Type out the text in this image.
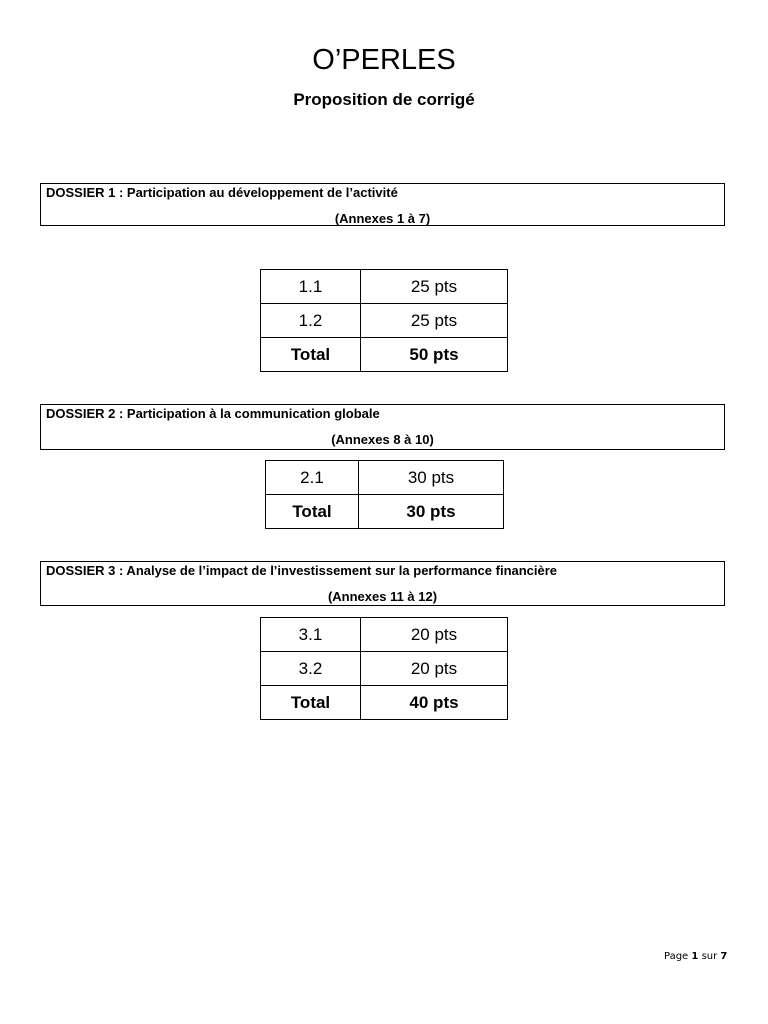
O’PERLES
Proposition de corrigé
DOSSIER 1 : Participation au développement de l’activité
(Annexes 1 à 7)
1.1	25 pts
1.2	25 pts
Total	50 pts
DOSSIER 2 : Participation à la communication globale
(Annexes 8 à 10)
2.1	30 pts
Total	30 pts
DOSSIER 3 : Analyse de l’impact de l’investissement sur la performance financière
(Annexes 11 à 12)
3.1	20 pts
3.2	20 pts
Total	40 pts
Page 1 sur 7
